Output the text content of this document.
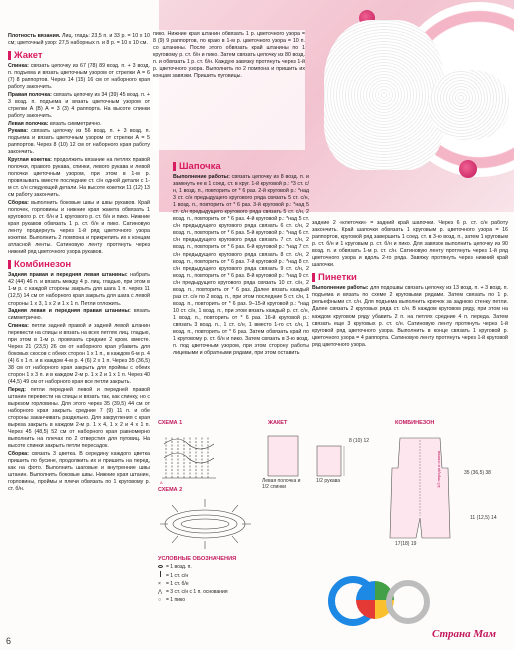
Плотность вязания. Лиц. гладь: 23,5 п. и 33 р. = 10 х 10 см; цветочный узор: 27,5 наборных п. и 8 р. = 10 х 10 см.

Жакет

Спинка: связать цепочку из 67 (78) 89 возд. п. + 3 возд. п. подъема и вязать цветочным узором от стрелки A = 6 (7) 8 раппортов. Через 14 (15) 16 см от наборного края работу закончить.

Правая полочка: связать цепочку из 34 (39) 45 возд. п. + 3 возд. п. подъема и вязать цветочным узором от стрелки A (B) A = 3 (3) 4 раппорта. На высоте спинки работу закончить.

Левая полочка: вязать симметрично.

Рукава: связать цепочку из 56 возд. п. + 3 возд. п. подъема и вязать цветочным узором от стрелки A = 5 раппортов. Через 8 (10) 12 см от наборного края работу закончить.

Круглая кокетка: продолжить вязание на петлях правой полочки, правого рукава, спинки, левого рукава и левой полочки цветочным узором, при этом в 1-м р. провязывать вместе последние ст. с/н одной детали с 1-м ст. с/н следующей детали. На высоте кокетки 11 (12) 13 см работу закончить.

Сборка: выполнить боковые швы и швы рукавов. Край полочек, горловины и нижние края жакета обвязать 1 кругового р. ст. б/н и 1 кругового р. ст. б/н и пико. Нижние края рукавов обвязать 1 р. ст. б/н и пико. Сатиновую ленту продернуть через 1-й ряд цветочного узора кокетки. Выполнить 2 помпона и прикрепить их к концам атласной ленты. Сатиновую ленту протянуть через нижний ряд цветочного узора рукавов.

Комбинезон

Задняя правая и передняя левая штанины: набрать 42 (44) 46 п. и вязать между 4 р. лиц. гладью, при этом в 1-м р. с каждой стороны закрыть для шага 1 п. через 11 (12,5) 14 см от наборного края закрыть для шага с левой стороны 1 х 3, 1 х 2 и 1 х 1 п. Петли отложить.

Задняя левая и передняя правая штанины: вязать симметрично.

Спинка: петли задней правой и задней левой штанин перевести на спицы и вязать на всех петлях лиц. гладью, при этом в 1-м р. провязать средние 2 кром. вместе. Через 21 (23,5) 26 см от наборного края убавить для боковых скосов с обеих сторон 1 х 1 п., в каждом 6-м р. 4 (4) 6 х 1 п. и в каждом 4-м р. 4 (6) 2 х 1 п. Через 35 (36,5) 38 см от наборного края закрыть для проймы с обеих сторон 1 х 3 п. и в каждом 2-м р. 1 х 2 и 1 х 1 п. Через 40 (44,5) 49 см от наборного края все петли закрыть.

Перед: петли передней левой и передней правой штанин перевести на спицы и вязать так, как спинку, но с вырезом горловины. Для этого через 35 (39,5) 44 см от наборного края закрыть средние 7 (9) 11 п. и обе стороны заканчивать раздельно. Для закругления с края выреза закрыть в каждом 2-м р. 1 х 4, 1 х 2 и 4 х 1 п. Через 45 (48,5) 52 см от наборного края равномерно выполнить на плечах по 2 отверстия для пуговиц. На высоте спинки закрыть петли пересадок.

Сборка: связать 3 цветка. В середину каждого цветка пришить по бусине, продолжить их и пришить на перед, как на фото. Выполнить шаговые и внутренние швы штанин. Выполнить боковые швы. Нижние края штанин, горловины, проймы и плечи обвязать по 1 круговому р. ст. б/н.

пико. Нижние края штанин обвязать 1 р. цветочного узора = 8 (9) 9 раппортов, по краю в 1-м р. цветочного узора = 10 п. со штанины. После этого обвязать край штанины по 1 круговому р. ст. б/н и пико. Затем связать цепочку из 80 возд. п. и обвязать 1 р. ст. б/н. Каждую завязку протянуть через 1-й р. цветочного узора. Выполнить по 2 помпона и пришить их концам завязки. Пришить пуговицы.

Шапочка

Выполнение работы: связать цепочку из 8 возд. п. и замкнуть ее в 1 соед. ст. в круг. 1-й круговой р.: *3 ст. с/н, 1 возд. п., повторить от * 6 раз. 2-й круговой р.: *над 3 ст. с/н предыдущего кругового ряда связать 5 ст. с/н, 1 возд. п., повторить от * 6 раз. 3-й круговой р.: *над 5 ст. с/н предыдущего кругового ряда связать 5 ст. с/н, 2 возд. п., повторить от * 6 раз. 4-й круговой р.: *над 5 ст. с/н предыдущего кругового ряда связать 6 ст. с/н, 2 возд. п., повторить от * 6 раз. 5-й круговой р.: *над 6 ст. с/н предыдущего кругового ряда связать 7 ст. с/н, 2 возд. п., повторить от * 6 раз. 6-й круговой р.: *над 7 ст. с/н предыдущего кругового ряда связать 8 ст. с/н, 2 возд. п., повторить от * 6 раз. 7-й круговой р.: *над 8 ст. с/н предыдущего кругового ряда связать 9 ст. с/н, 2 возд. п., повторить от * 6 раз. 8-й круговой р.: *над 9 ст. с/н предыдущего кругового ряда связать 10 ст. с/н, 2 возд. п., повторить от * 6 раз. Далее вязать каждый раз ст. с/н по 2 возд. п., при этом последние 5 ст. с/н, 1 возд. п., повторить от * 6 раз. 9–15-й круговой р.: *над 10 ст. с/н, 1 возд. п., при этом вязать каждый р. ст. с/н, 1 возд. п., повторить от * 6 раз. 16-й круговой р.: связать 3 возд. п., 1 ст. с/н, 1 вместо 1-го ст. с/н, 1 возд. п., повторить от * 6 раз. Затем обвязать край по 1 круговому р. ст. б/н и пико. Затем связать в 3-ю возд. п. под цветочным узором, при этом сторону работы лицевыми и обратными рядами, при этом оставить

задние 2 «клеточки» = задний край шапочки. Через 6 р. ст. с/н работу закончить. Край шапочки обвязать 1 круговым р. цветочного узора = 16 раппортов, круговой ряд завершить 1 соед. ст. в 3-ю возд. п., затем 1 круговым р. ст. б/н и 1 круговым р. ст. б/н и пико. Для завязок выполнить цепочку из 90 возд. п. и обвязать 1-м р. ст. с/н. Сатиновую ленту протянуть через 1-й ряд цветочного узора и вдоль 2-го ряда. Завяжу протянуть через нижний край шапочки.

Пинетки

Выполнение работы: для подошвы связать цепочку из 13 возд. п. + 3 возд. п. подъема и вязать по схеме 2 круговыми рядами. Затем связать по 1 р. рельефными ст. с/н. Для подъема выполнить крючок за заднюю стенку петли. Далее связать 2 круговых ряда ст. с/н. В каждом круговом ряду, при этом на каждом круговом ряду убавить 2 п. на петлях средние 4 п. переда. Затем связать еще 3 круговых р. ст. с/н. Сатиновую ленту протянуть через 1-й круговой ряд цветочного узора. Выполнить в конце связать 1 круговой р. цветочного узора = 4 раппорта. Сатиновую ленту протянуть через 1-й круговой ряд цветочного узора.

СХЕМА 1
A
СХЕМА 2
УСЛОВНЫЕ ОБОЗНАЧЕНИЯ
= 1 возд. п.
= 1 ст. с/н
× = 1 ст. б/н
⋀ = 3 ст. с/н с 1 п. основания
○ = 1 пико
ЖАКЕТ
8 (10) 12
Левая полочка и 1/2 спинки
1/2 рукава
КОМБИНЕЗОН
1/2 переда и спинки
17(18) 19
11 (12,5) 14
35 (36,5) 38
6
Страна Мам
